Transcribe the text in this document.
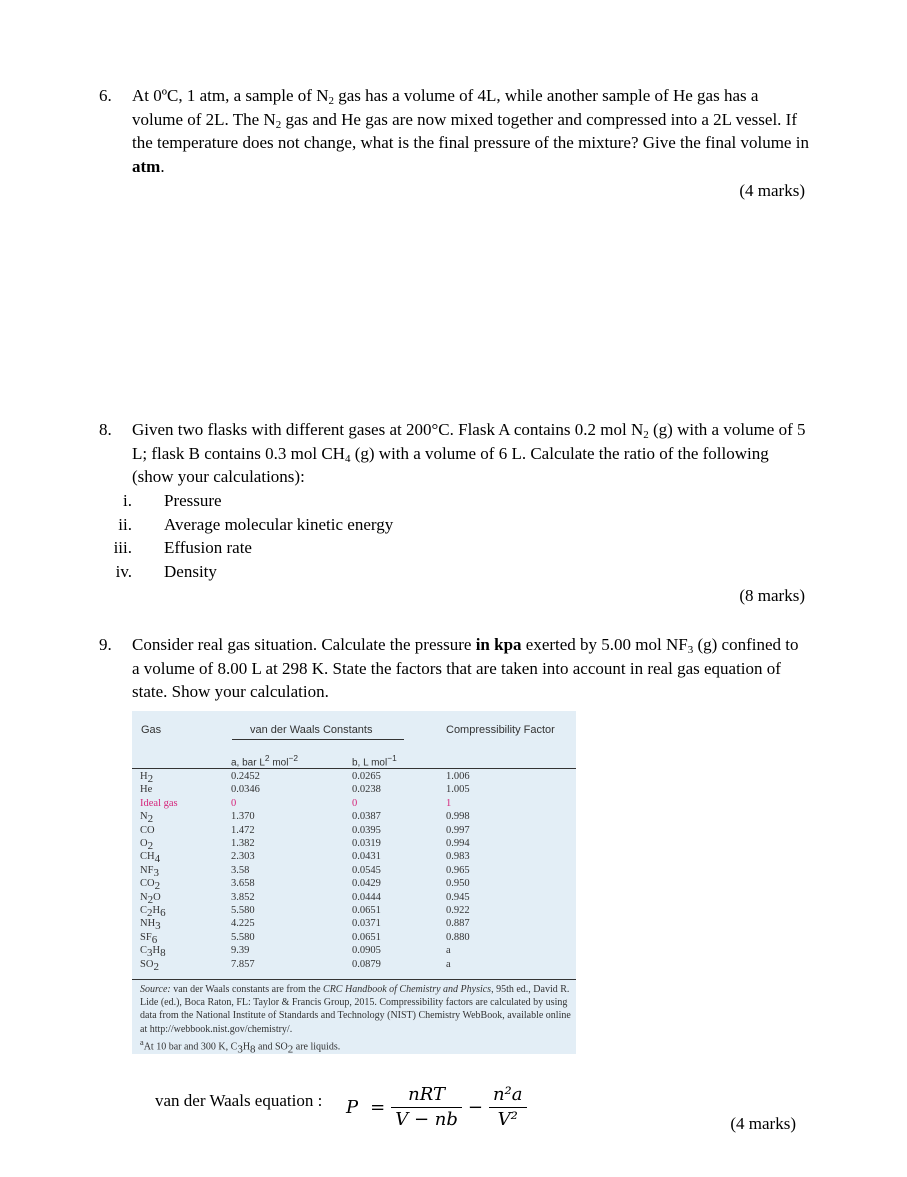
6. At 0ºC, 1 atm, a sample of $N_2$ gas has a volume of 4L, while another sample of He gas has a volume of 2L. The $N_2$ gas and He gas are now mixed together and compressed into a 2L vessel. If the temperature does not change, what is the final pressure of the mixture? Give the final volume in atm.
(4 marks)
8. Given two flasks with different gases at 200°C. Flask A contains 0.2 mol $N_2$ (g) with a volume of 5 L; flask B contains 0.3 mol $CH_4$ (g) with a volume of 6 L. Calculate the ratio of the following (show your calculations):
i. Pressure
ii. Average molecular kinetic energy
iii. Effusion rate
iv. Density
(8 marks)
9. Consider real gas situation. Calculate the pressure in kpa exerted by 5.00 mol $NF_3$ (g) confined to a volume of 8.00 L at 298 K. State the factors that are taken into account in real gas equation of state. Show your calculation.
Gas	van der Waals Constants	Compressibility Factor
a, bar $L^2$ mol$^{-2}$	b, L mol$^{-1}$
$H_2$	0.2452	0.0265	1.006
He	0.0346	0.0238	1.005
Ideal gas	0	0	1
$N_2$	1.370	0.0387	0.998
CO	1.472	0.0395	0.997
$O_2$	1.382	0.0319	0.994
$CH_4$	2.303	0.0431	0.983
$NF_3$	3.58	0.0545	0.965
$CO_2$	3.658	0.0429	0.950
$N_2O$	3.852	0.0444	0.945
$C_2H_6$	5.580	0.0651	0.922
$NH_3$	4.225	0.0371	0.887
$SF_6$	5.580	0.0651	0.880
$C_3H_8$	9.39	0.0905	a
$SO_2$	7.857	0.0879	a
Source: van der Waals constants are from the CRC Handbook of Chemistry and Physics, 95th ed., David R. Lide (ed.), Boca Raton, FL: Taylor & Francis Group, 2015. Compressibility factors are calculated by using data from the National Institute of Standards and Technology (NIST) Chemistry WebBook, available online at http://webbook.nist.gov/chemistry/.
$^a$At 10 bar and 300 K, $C_3H_8$ and $SO_2$ are liquids.
van der Waals equation :	$P = \frac{\text{nRT}}{V - nb} - \frac{\text{n²a}}{\text{V²}}$	(4 marks)
